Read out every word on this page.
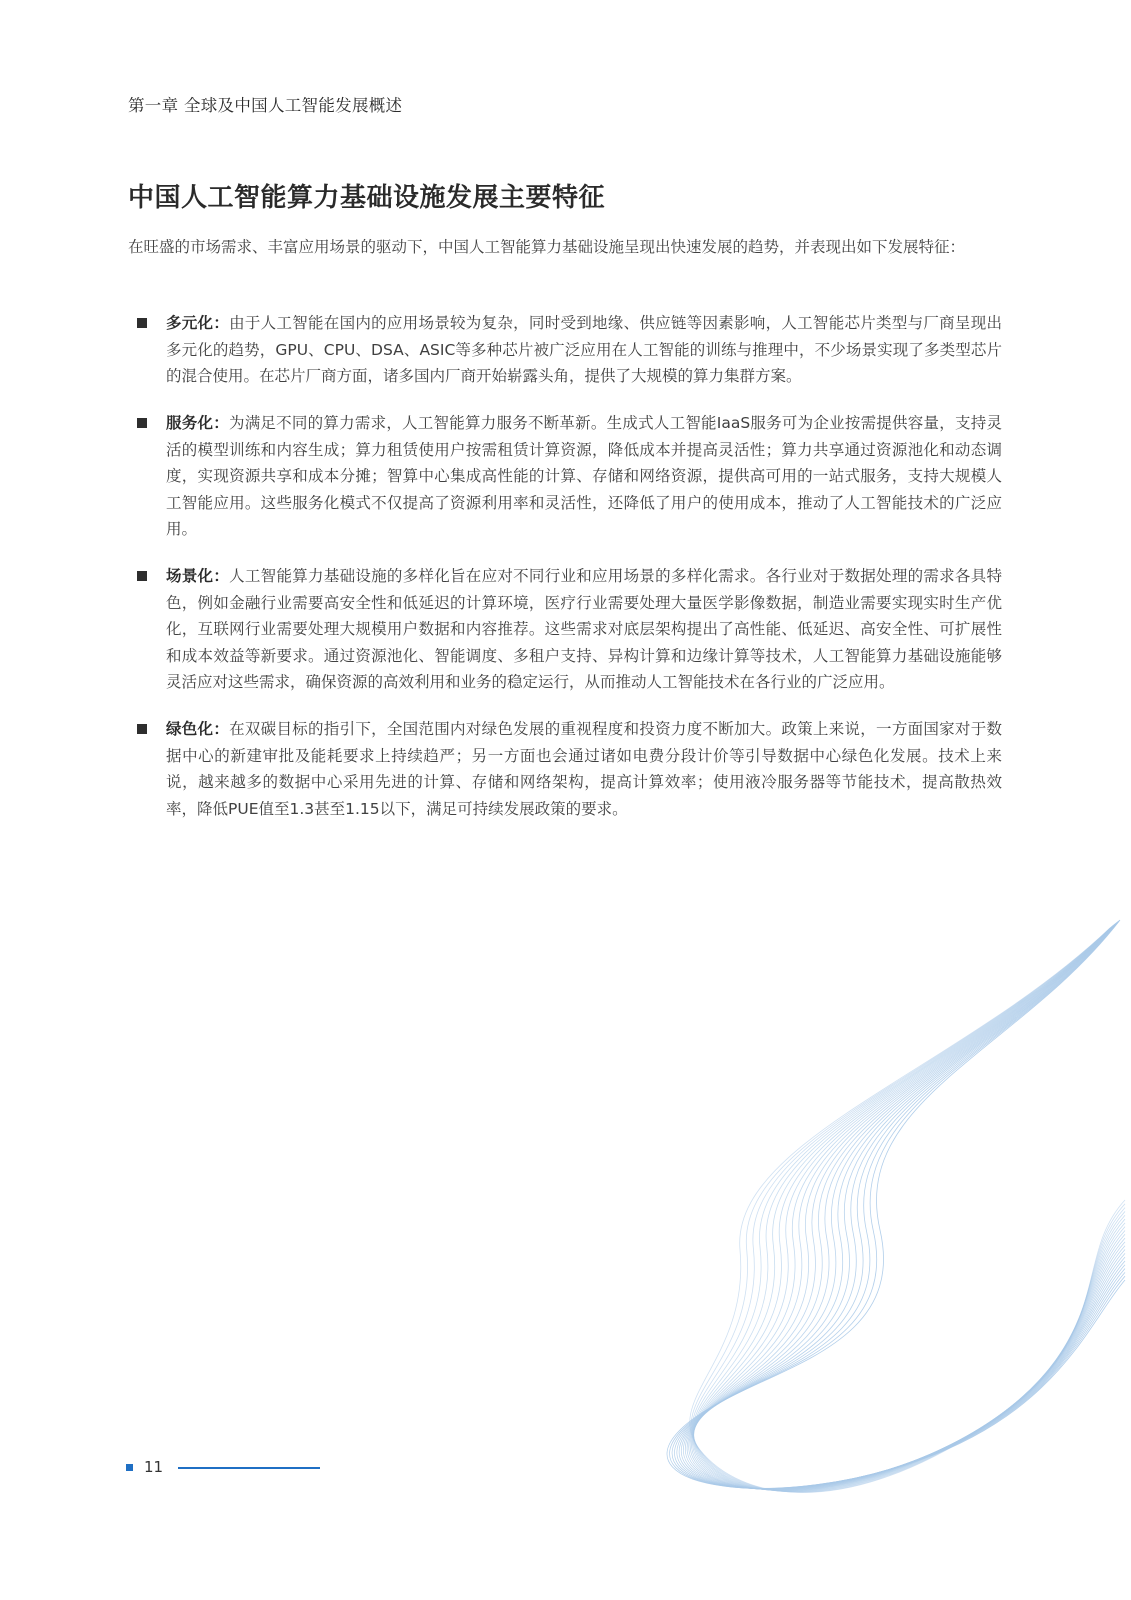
第一章 全球及中国人工智能发展概述
中国人工智能算力基础设施发展主要特征

在旺盛的市场需求、丰富应用场景的驱动下，中国人工智能算力基础设施呈现出快速发展的趋势，并表现出如下发展特征：

多元化：由于人工智能在国内的应用场景较为复杂，同时受到地缘、供应链等因素影响，人工智能芯片类型与厂商呈现出多元化的趋势，GPU、CPU、DSA、ASIC等多种芯片被广泛应用在人工智能的训练与推理中，不少场景实现了多类型芯片的混合使用。在芯片厂商方面，诸多国内厂商开始崭露头角，提供了大规模的算力集群方案。
服务化：为满足不同的算力需求，人工智能算力服务不断革新。生成式人工智能IaaS服务可为企业按需提供容量，支持灵活的模型训练和内容生成；算力租赁使用户按需租赁计算资源，降低成本并提高灵活性；算力共享通过资源池化和动态调度，实现资源共享和成本分摊；智算中心集成高性能的计算、存储和网络资源，提供高可用的一站式服务，支持大规模人工智能应用。这些服务化模式不仅提高了资源利用率和灵活性，还降低了用户的使用成本，推动了人工智能技术的广泛应用。
场景化：人工智能算力基础设施的多样化旨在应对不同行业和应用场景的多样化需求。各行业对于数据处理的需求各具特色，例如金融行业需要高安全性和低延迟的计算环境，医疗行业需要处理大量医学影像数据，制造业需要实现实时生产优化，互联网行业需要处理大规模用户数据和内容推荐。这些需求对底层架构提出了高性能、低延迟、高安全性、可扩展性和成本效益等新要求。通过资源池化、智能调度、多租户支持、异构计算和边缘计算等技术，人工智能算力基础设施能够灵活应对这些需求，确保资源的高效利用和业务的稳定运行，从而推动人工智能技术在各行业的广泛应用。
绿色化：在双碳目标的指引下，全国范围内对绿色发展的重视程度和投资力度不断加大。政策上来说，一方面国家对于数据中心的新建审批及能耗要求上持续趋严；另一方面也会通过诸如电费分段计价等引导数据中心绿色化发展。技术上来说，越来越多的数据中心采用先进的计算、存储和网络架构，提高计算效率；使用液冷服务器等节能技术，提高散热效率，降低PUE值至1.3甚至1.15以下，满足可持续发展政策的要求。
11
